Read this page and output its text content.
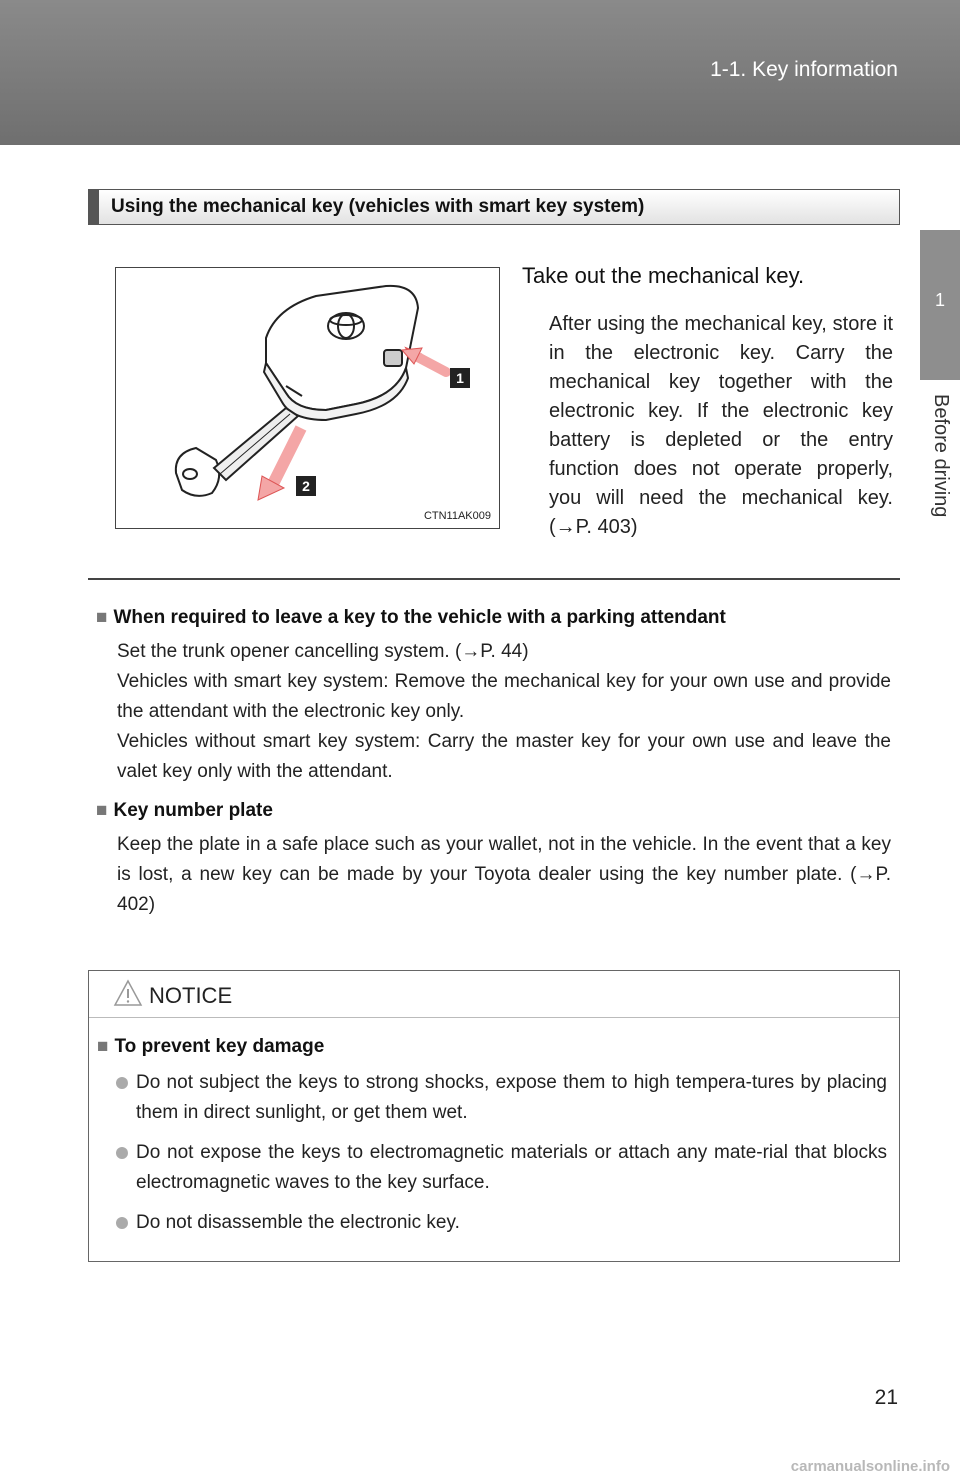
1-1. Key information
1
Before driving
Using the mechanical key (vehicles with smart key system)
1
2
CTN11AK009
Take out the mechanical key.
After using the mechanical key, store it in the electronic key. Carry the mechanical key together with the electronic key. If the electronic key battery is depleted or the entry function does not operate properly, you will need the mechanical key. (→P. 403)
■ When required to leave a key to the vehicle with a parking attendant

Set the trunk opener cancelling system. (→P. 44)

Vehicles with smart key system: Remove the mechanical key for your own use and provide the attendant with the electronic key only.

Vehicles without smart key system: Carry the master key for your own use and leave the valet key only with the attendant.

■ Key number plate

Keep the plate in a safe place such as your wallet, not in the vehicle. In the event that a key is lost, a new key can be made by your Toyota dealer using the key number plate. (→P. 402)

NOTICE
■ To prevent key damage
Do not subject the keys to strong shocks, expose them to high tempera-tures by placing them in direct sunlight, or get them wet.
Do not expose the keys to electromagnetic materials or attach any mate-rial that blocks electromagnetic waves to the key surface.
Do not disassemble the electronic key.
21
carmanualsonline.info
